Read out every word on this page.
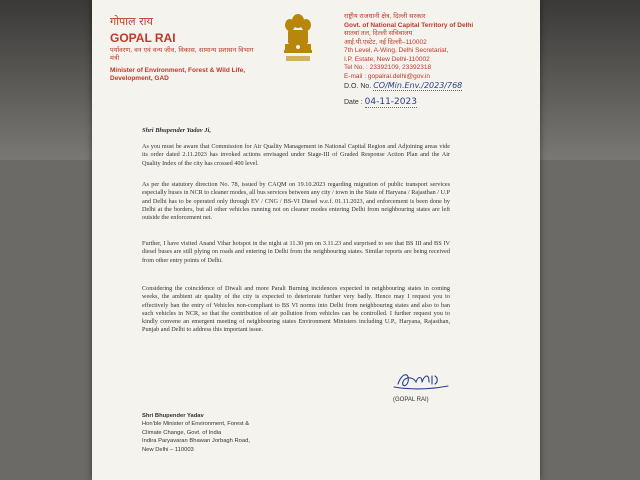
गोपाल राय
GOPAL RAI
पर्यावरण, वन एवं वन्य जीव, विकास, सामान्य प्रशासन विभाग मंत्री
Minister of Environment, Forest & Wild Life, Development, GAD
राष्ट्रीय राजधानी क्षेत्र, दिल्ली सरकार
Govt. of National Capital Territory of Delhi
सातवां तल, दिल्ली सचिवालय
आई.पी.एस्टेट, नई दिल्ली–110002
7th Level, A-Wing, Delhi Secretariat,
I.P. Estate, New Delhi-110002
Tel No. : 23392109, 23392318
E-mail : gopalrai.delhi@gov.in
D.O. No. CO/Min.Env./2023/768
Date : 04-11-2023
Shri Bhupender Yadav Ji,
As you must be aware that Commission for Air Quality Management in National Capital Region and Adjoining areas vide its order dated 2.11.2023 has invoked actions envisaged under Stage-III of Graded Response Action Plan and the Air Quality Index of the city has crossed 400 level.
As per the statutory direction No. 78, issued by CAQM on 19.10.2023 regarding migration of public transport services especially buses in NCR to cleaner modes, all bus services between any city / town in the State of Haryana / Rajasthan / U.P and Delhi has to be operated only through EV / CNG / BS-VI Diesel w.e.f. 01.11.2023, and enforcement is been done by Delhi at the borders, but all other vehicles running not on cleaner modes entering Delhi from neighbouring states are left outside the enforcement net.
Further, I have visited Anand Vihar hotspot in the night at 11.30 pm on 3.11.23 and surprised to see that BS III and BS IV diesel buses are still plying on roads and entering in Delhi from the neighbouring states. Similar reports are being received from other entry points of Delhi.
Considering the coincidence of Diwali and more Parali Burning incidences expected in neighbouring states in coming weeks, the ambient air quality of the city is expected to deteriorate further very badly. Hence may I request you to effectively ban the entry of Vehicles non-compliant to BS VI norms into Delhi from neighbouring states and also to ban such vehicles in NCR, so that the contribution of air pollution from vehicles can be controlled. I further request you to kindly convene an emergent meeting of neighbouring states Environment Ministers including U.P., Haryana, Rajasthan, Punjab and Delhi to address this important issue.
(GOPAL RAI)
Shri Bhupender Yadav
Hon'ble Minister of Environment, Forest &
Climate Change, Govt. of India
Indira Paryavaran Bhawan Jorbagh Road,
New Delhi – 110003
